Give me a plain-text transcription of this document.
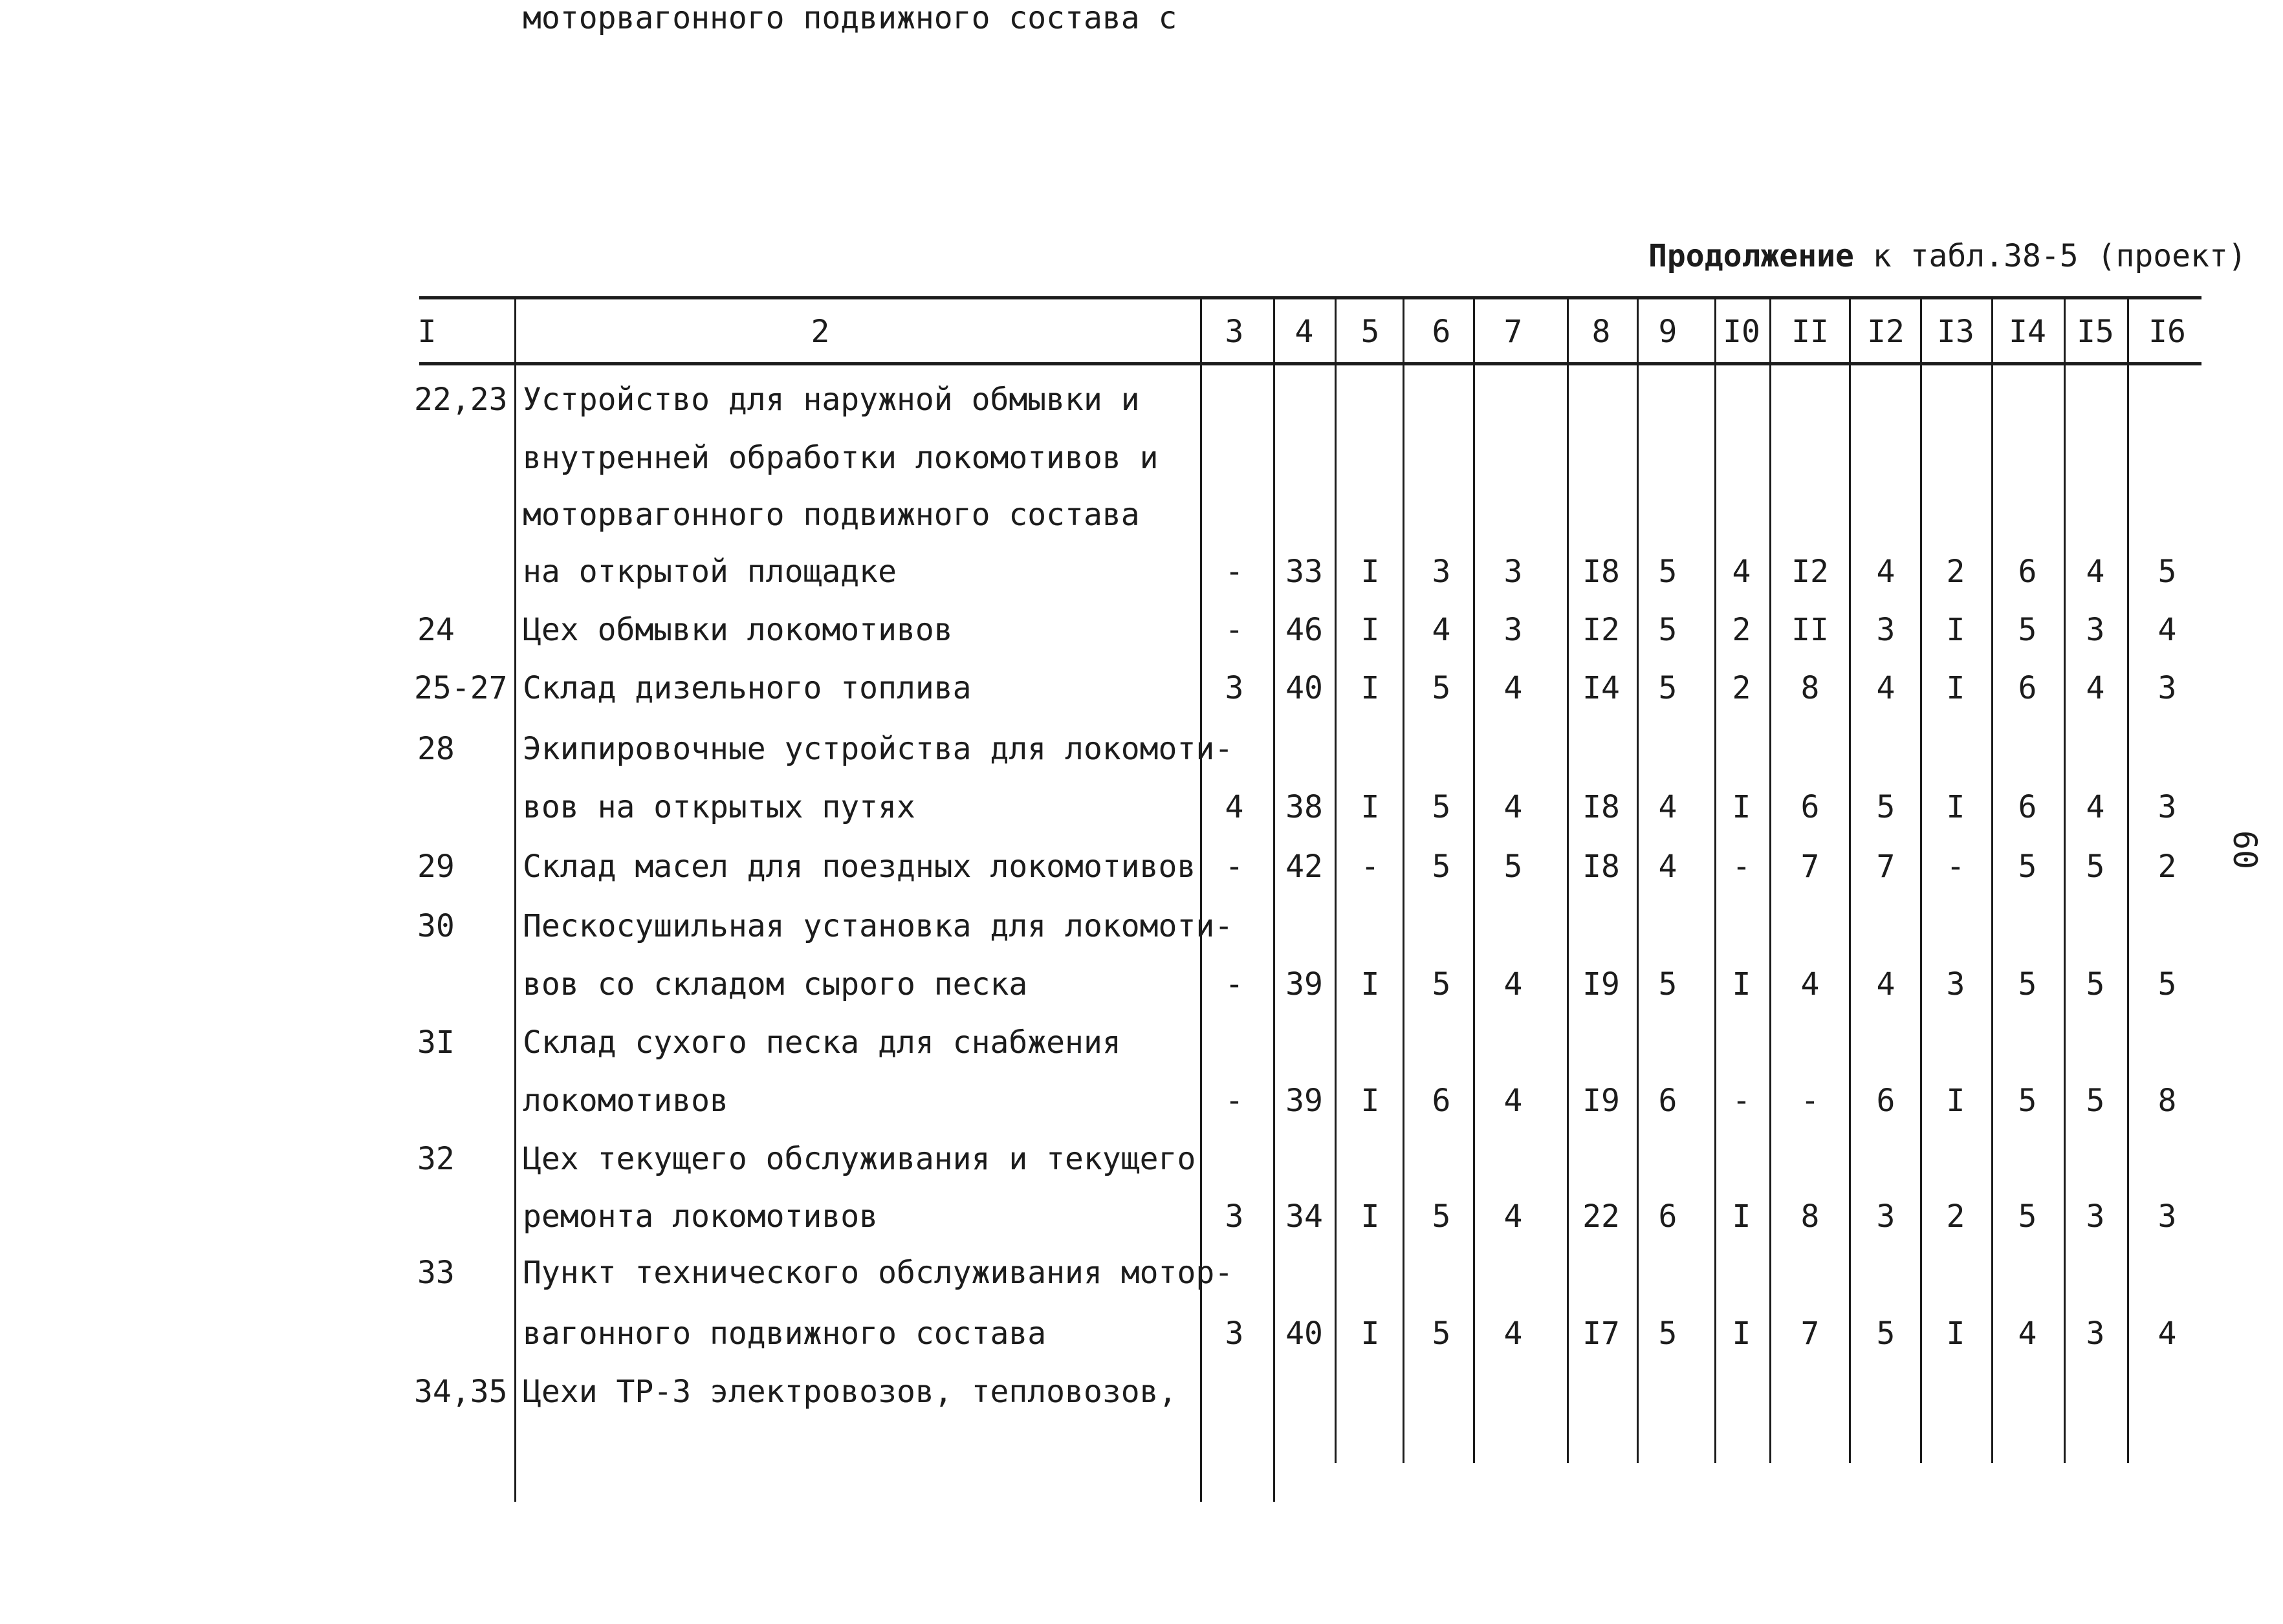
Продолжение к табл.38-5 (проект)
60
I	2	3 4 5 6 7 8 9 I0 II I2 I3 I4 I5 I6
22,23 Устройство для наружной обмывки и
внутренней обработки локомотивов и
моторвагонного подвижного состава
на открытой площадке	- 33 I 3 3 I8 5 4 I2 4 2 6 4 5
24 Цех обмывки локомотивов	- 46 I 4 3 I2 5 2 II 3 I 5 3 4
25-27 Склад дизельного топлива	3 40 I 5 4 I4 5 2 8 4 I 6 4 3
28 Экипировочные устройства для локомоти-
вов на открытых путях	4 38 I 5 4 I8 4 I 6 5 I 6 4 3
29 Склад масел для поездных локомотивов - 42 - 5 5 I8 4 - 7 7 - 5 5 2
30 Пескосушильная установка для локомоти-
вов со складом сырого песка	- 39 I 5 4 I9 5 I 4 4 3 5 5 5
3I Склад сухого песка для снабжения
локомотивов	- 39 I 6 4 I9 6 - - 6 I 5 5 8
32 Цех текущего обслуживания и текущего
ремонта локомотивов	3 34 I 5 4 22 6 I 8 3 2 5 3 3
33 Пункт технического обслуживания мотор-
вагонного подвижного состава	3 40 I 5 4 I7 5 I 7 5 I 4 3 4
34,35 Цехи ТР-3 электровозов, тепловозов,
моторвагонного подвижного состава с
